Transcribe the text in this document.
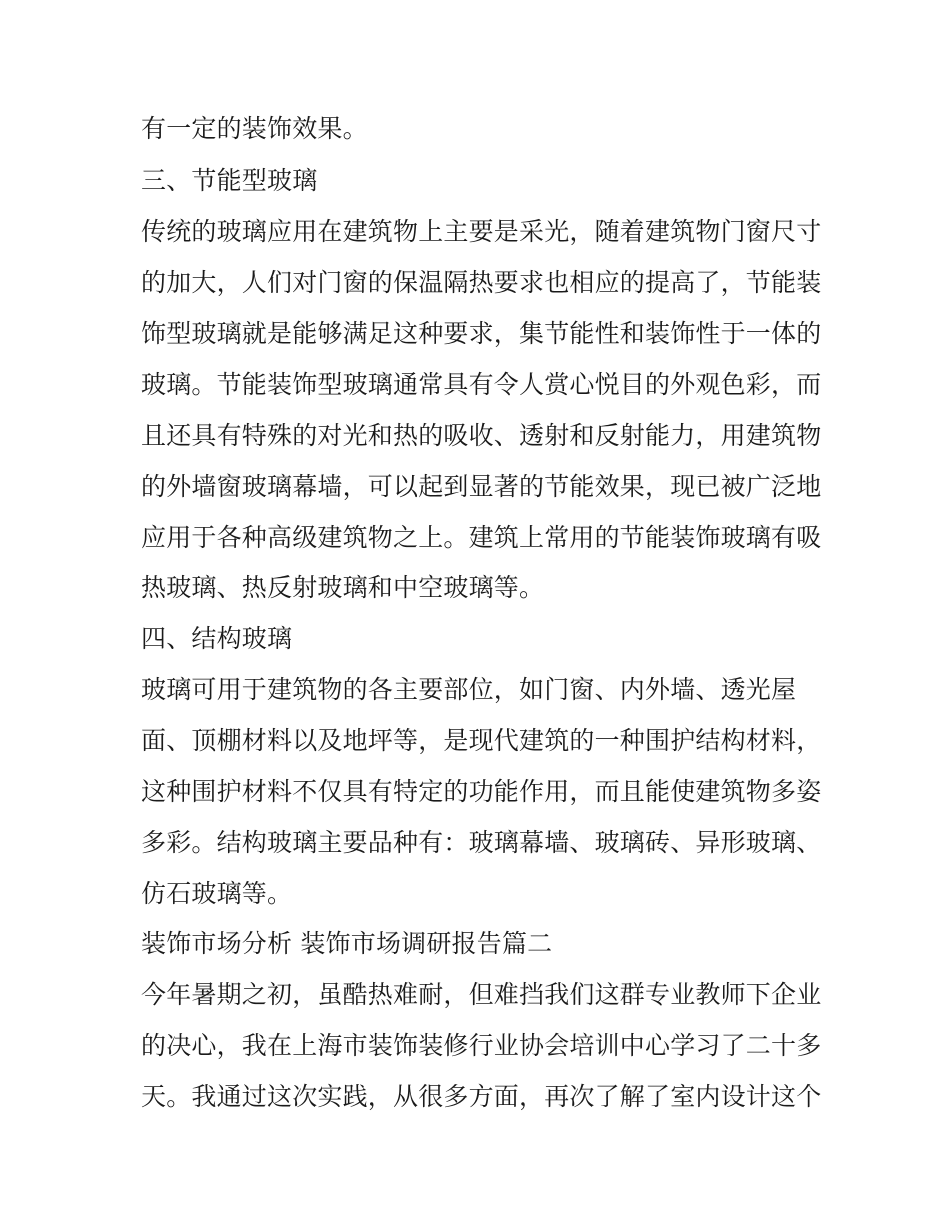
有一定的装饰效果。
三、节能型玻璃
传统的玻璃应用在建筑物上主要是采光，随着建筑物门窗尺寸
的加大，人们对门窗的保温隔热要求也相应的提高了，节能装
饰型玻璃就是能够满足这种要求，集节能性和装饰性于一体的
玻璃。节能装饰型玻璃通常具有令人赏心悦目的外观色彩，而
且还具有特殊的对光和热的吸收、透射和反射能力，用建筑物
的外墙窗玻璃幕墙，可以起到显著的节能效果，现已被广泛地
应用于各种高级建筑物之上。建筑上常用的节能装饰玻璃有吸
热玻璃、热反射玻璃和中空玻璃等。
四、结构玻璃
玻璃可用于建筑物的各主要部位，如门窗、内外墙、透光屋
面、顶棚材料以及地坪等，是现代建筑的一种围护结构材料，
这种围护材料不仅具有特定的功能作用，而且能使建筑物多姿
多彩。结构玻璃主要品种有：玻璃幕墙、玻璃砖、异形玻璃、
仿石玻璃等。
装饰市场分析 装饰市场调研报告篇二
今年暑期之初，虽酷热难耐，但难挡我们这群专业教师下企业
的决心，我在上海市装饰装修行业协会培训中心学习了二十多
天。我通过这次实践，从很多方面，再次了解了室内设计这个
